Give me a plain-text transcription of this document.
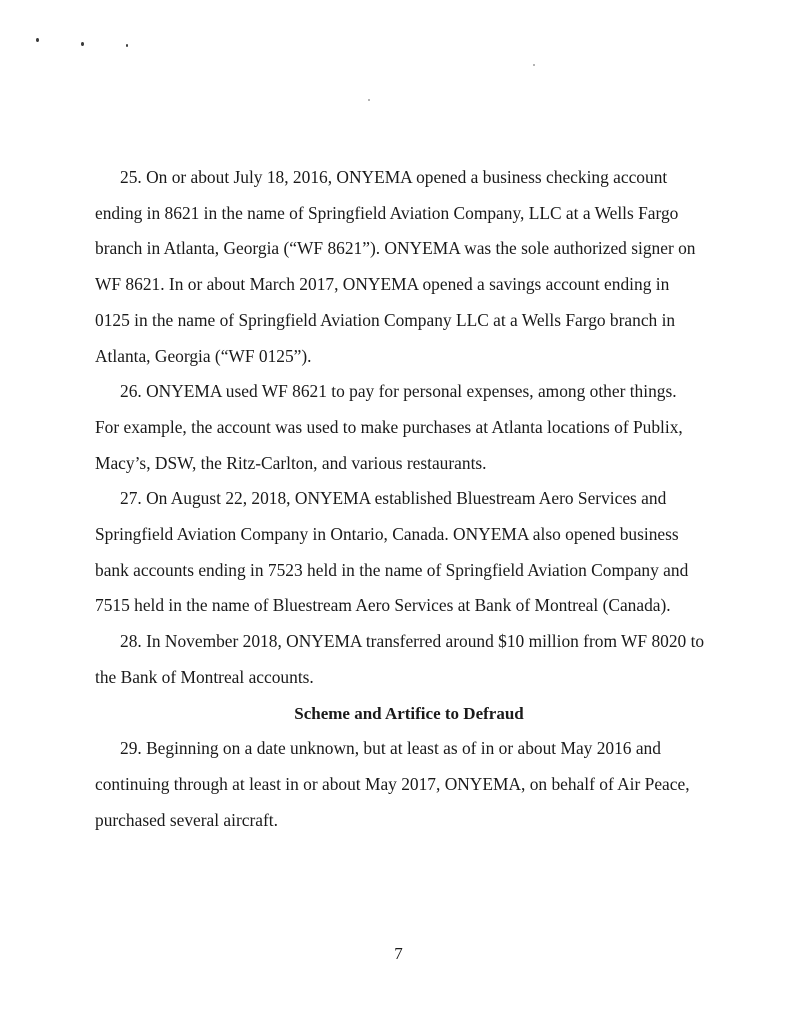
25. On or about July 18, 2016, ONYEMA opened a business checking account ending in 8621 in the name of Springfield Aviation Company, LLC at a Wells Fargo branch in Atlanta, Georgia (“WF 8621”). ONYEMA was the sole authorized signer on WF 8621. In or about March 2017, ONYEMA opened a savings account ending in 0125 in the name of Springfield Aviation Company LLC at a Wells Fargo branch in Atlanta, Georgia (“WF 0125”).

26. ONYEMA used WF 8621 to pay for personal expenses, among other things. For example, the account was used to make purchases at Atlanta locations of Publix, Macy’s, DSW, the Ritz-Carlton, and various restaurants.

27. On August 22, 2018, ONYEMA established Bluestream Aero Services and Springfield Aviation Company in Ontario, Canada. ONYEMA also opened business bank accounts ending in 7523 held in the name of Springfield Aviation Company and 7515 held in the name of Bluestream Aero Services at Bank of Montreal (Canada).

28. In November 2018, ONYEMA transferred around $10 million from WF 8020 to the Bank of Montreal accounts.

Scheme and Artifice to Defraud

29. Beginning on a date unknown, but at least as of in or about May 2016 and continuing through at least in or about May 2017, ONYEMA, on behalf of Air Peace, purchased several aircraft.

7
